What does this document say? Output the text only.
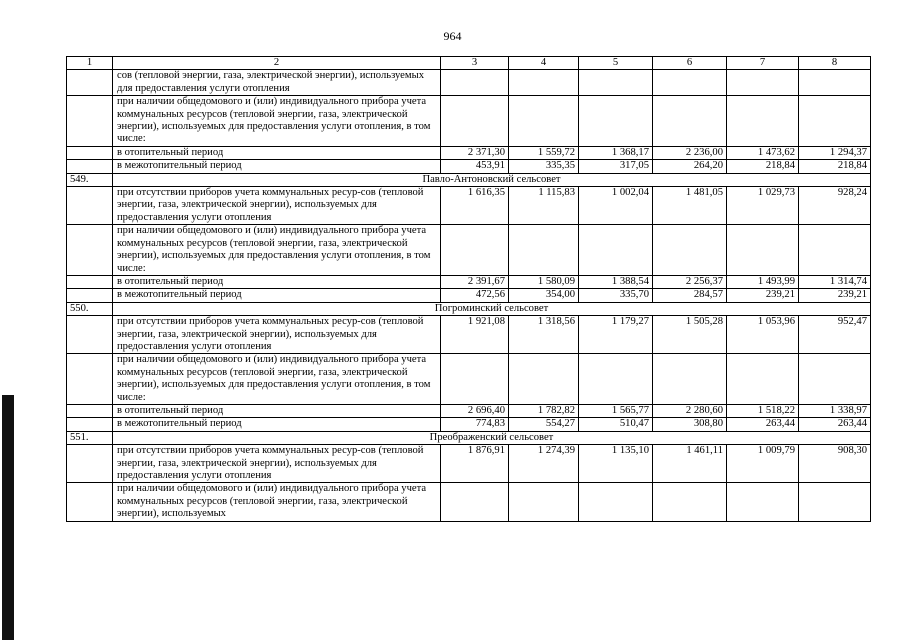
964
1	2	3	4	5	6	7	8
	сов (тепловой энергии, газа, электрической энергии), используемых для предоставления услуги отопления						
	при наличии общедомового и (или) индивидуального прибора учета коммунальных ресурсов (тепловой энергии, газа, электрической энергии), используемых для предоставления услуги отопления, в том числе:						
	в отопительный период	2 371,30	1 559,72	1 368,17	2 236,00	1 473,62	1 294,37
	в межотопительный период	453,91	335,35	317,05	264,20	218,84	218,84
549.	Павло-Антоновский сельсовет						
	при отсутствии приборов учета коммунальных ресур-сов (тепловой энергии, газа, электрической энергии), используемых для предоставления услуги отопления	1 616,35	1 115,83	1 002,04	1 481,05	1 029,73	928,24
	при наличии общедомового и (или) индивидуального прибора учета коммунальных ресурсов (тепловой энергии, газа, электрической энергии), используемых для предоставления услуги отопления, в том числе:						
	в отопительный период	2 391,67	1 580,09	1 388,54	2 256,37	1 493,99	1 314,74
	в межотопительный период	472,56	354,00	335,70	284,57	239,21	239,21
550.	Погроминский сельсовет						
	при отсутствии приборов учета коммунальных ресур-сов (тепловой энергии, газа, электрической энергии), используемых для предоставления услуги отопления	1 921,08	1 318,56	1 179,27	1 505,28	1 053,96	952,47
	при наличии общедомового и (или) индивидуального прибора учета коммунальных ресурсов (тепловой энергии, газа, электрической энергии), используемых для предоставления услуги отопления, в том числе:						
	в отопительный период	2 696,40	1 782,82	1 565,77	2 280,60	1 518,22	1 338,97
	в межотопительный период	774,83	554,27	510,47	308,80	263,44	263,44
551.	Преображенский сельсовет						
	при отсутствии приборов учета коммунальных ресур-сов (тепловой энергии, газа, электрической энергии), используемых для предоставления услуги отопления	1 876,91	1 274,39	1 135,10	1 461,11	1 009,79	908,30
	при наличии общедомового и (или) индивидуального прибора учета коммунальных ресурсов (тепловой энергии, газа, электрической энергии), используемых						
